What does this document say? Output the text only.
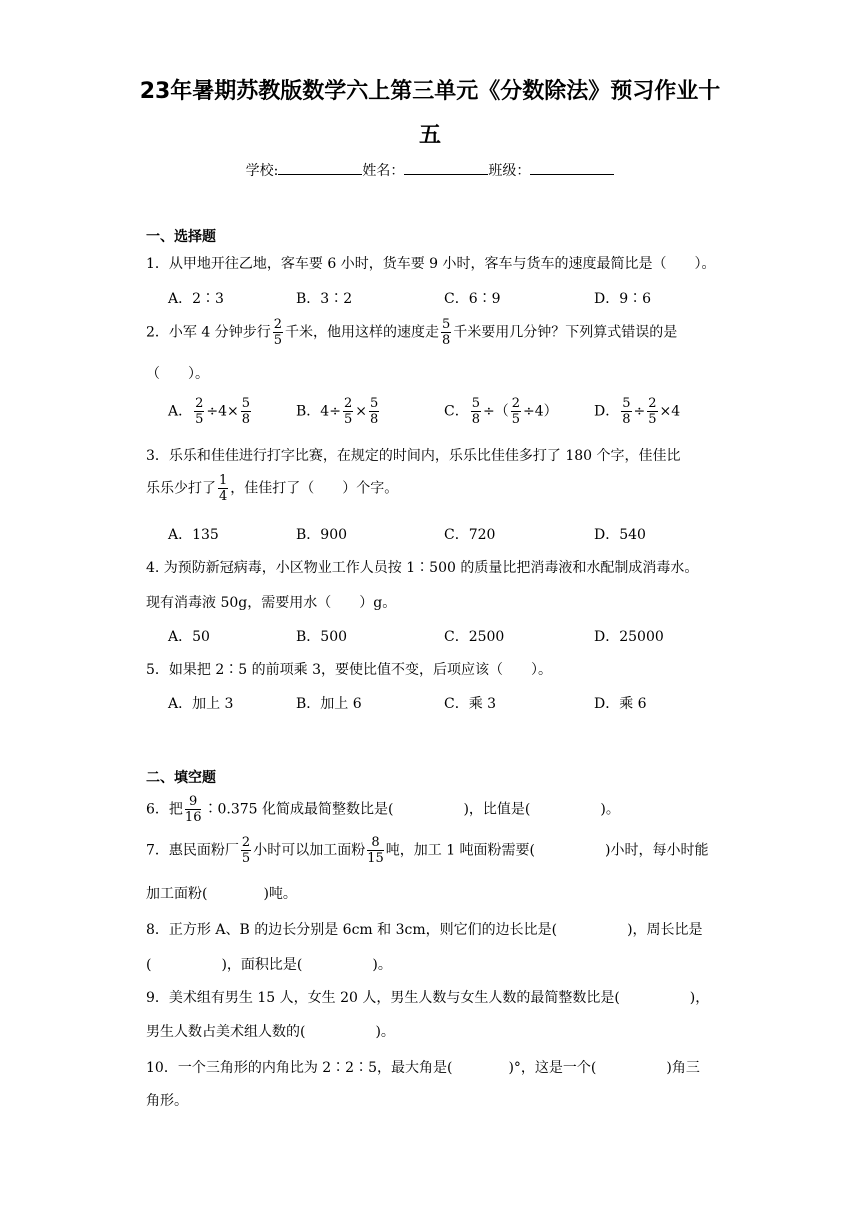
23年暑期苏教版数学六上第三单元《分数除法》预习作业十
五
学校:	姓名：	班级：
一、选择题
1．从甲地开往乙地，客车要 6 小时，货车要 9 小时，客车与货车的速度最简比是（　　）。
A．2∶3	B．3∶2	C．6∶9	D．9∶6
2．小军 4 分钟步行 $\frac{2}{5}$ 千米，他用这样的速度走 $\frac{5}{8}$ 千米要用几分钟？下列算式错误的是
（　　）。
A． $\frac{2}{5} \div 4\times \frac{5}{8}$	B．$4\div \frac{2}{5} \times \frac{5}{8}$	C． $\frac{5}{8}$ ÷（ $\frac{2}{5} \div 4$）	D． $\frac{5}{8} \div \frac{2}{5} \times 4$
3．乐乐和佳佳进行打字比赛，在规定的时间内，乐乐比佳佳多打了 180 个字，佳佳比
乐乐少打了 $\frac{1}{4}$ ，佳佳打了（　　）个字。
A．135	B．900	C．720	D．540
4. 为预防新冠病毒，小区物业工作人员按 1∶500 的质量比把消毒液和水配制成消毒水。
现有消毒液 50g，需要用水（　　）g。
A．50	B．500	C．2500	D．25000
5．如果把 2∶5 的前项乘 3，要使比值不变，后项应该（　　）。
A．加上 3	B．加上 6	C．乘 3	D．乘 6
二、填空题
6．把 $\frac{9}{16}$ ∶0.375 化简成最简整数比是(　　　　　)，比值是(　　　　　)。
7．惠民面粉厂 $\frac{2}{5}$ 小时可以加工面粉 $\frac{8}{15}$ 吨，加工 1 吨面粉需要(　　　　　)小时，每小时能
加工面粉(　　　　)吨。
8．正方形 A、B 的边长分别是 6cm 和 3cm，则它们的边长比是(　　　　　)，周长比是
(　　　　　)，面积比是(　　　　　)。
9．美术组有男生 15 人，女生 20 人，男生人数与女生人数的最简整数比是(　　　　　)，
男生人数占美术组人数的(　　　　　)。
10．一个三角形的内角比为 2∶2∶5，最大角是(　　　　)°，这是一个(　　　　　)角三
角形。
